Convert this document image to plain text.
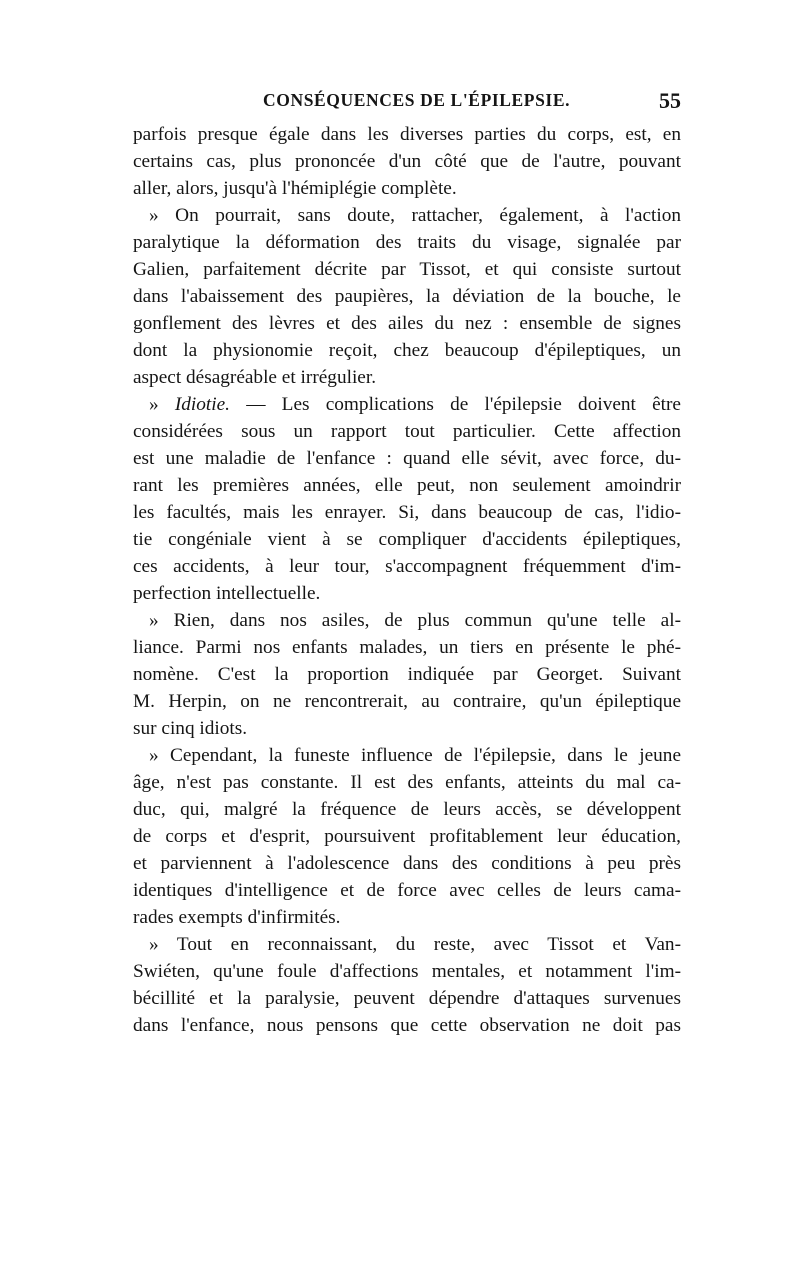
CONSÉQUENCES DE L'ÉPILEPSIE.	55
parfois presque égale dans les diverses parties du corps, est, en
certains cas, plus prononcée d'un côté que de l'autre, pouvant
aller, alors, jusqu'à l'hémiplégie complète.
» On pourrait, sans doute, rattacher, également, à l'action
paralytique la déformation des traits du visage, signalée par
Galien, parfaitement décrite par Tissot, et qui consiste surtout
dans l'abaissement des paupières, la déviation de la bouche, le
gonflement des lèvres et des ailes du nez : ensemble de signes
dont la physionomie reçoit, chez beaucoup d'épileptiques, un
aspect désagréable et irrégulier.
» Idiotie. — Les complications de l'épilepsie doivent être
considérées sous un rapport tout particulier. Cette affection
est une maladie de l'enfance : quand elle sévit, avec force, du-
rant les premières années, elle peut, non seulement amoindrir
les facultés, mais les enrayer. Si, dans beaucoup de cas, l'idio-
tie congéniale vient à se compliquer d'accidents épileptiques,
ces accidents, à leur tour, s'accompagnent fréquemment d'im-
perfection intellectuelle.
» Rien, dans nos asiles, de plus commun qu'une telle al-
liance. Parmi nos enfants malades, un tiers en présente le phé-
nomène. C'est la proportion indiquée par Georget. Suivant
M. Herpin, on ne rencontrerait, au contraire, qu'un épileptique
sur cinq idiots.
» Cependant, la funeste influence de l'épilepsie, dans le jeune
âge, n'est pas constante. Il est des enfants, atteints du mal ca-
duc, qui, malgré la fréquence de leurs accès, se développent
de corps et d'esprit, poursuivent profitablement leur éducation,
et parviennent à l'adolescence dans des conditions à peu près
identiques d'intelligence et de force avec celles de leurs cama-
rades exempts d'infirmités.
» Tout en reconnaissant, du reste, avec Tissot et Van-
Swiéten, qu'une foule d'affections mentales, et notamment l'im-
bécillité et la paralysie, peuvent dépendre d'attaques survenues
dans l'enfance, nous pensons que cette observation ne doit pas
